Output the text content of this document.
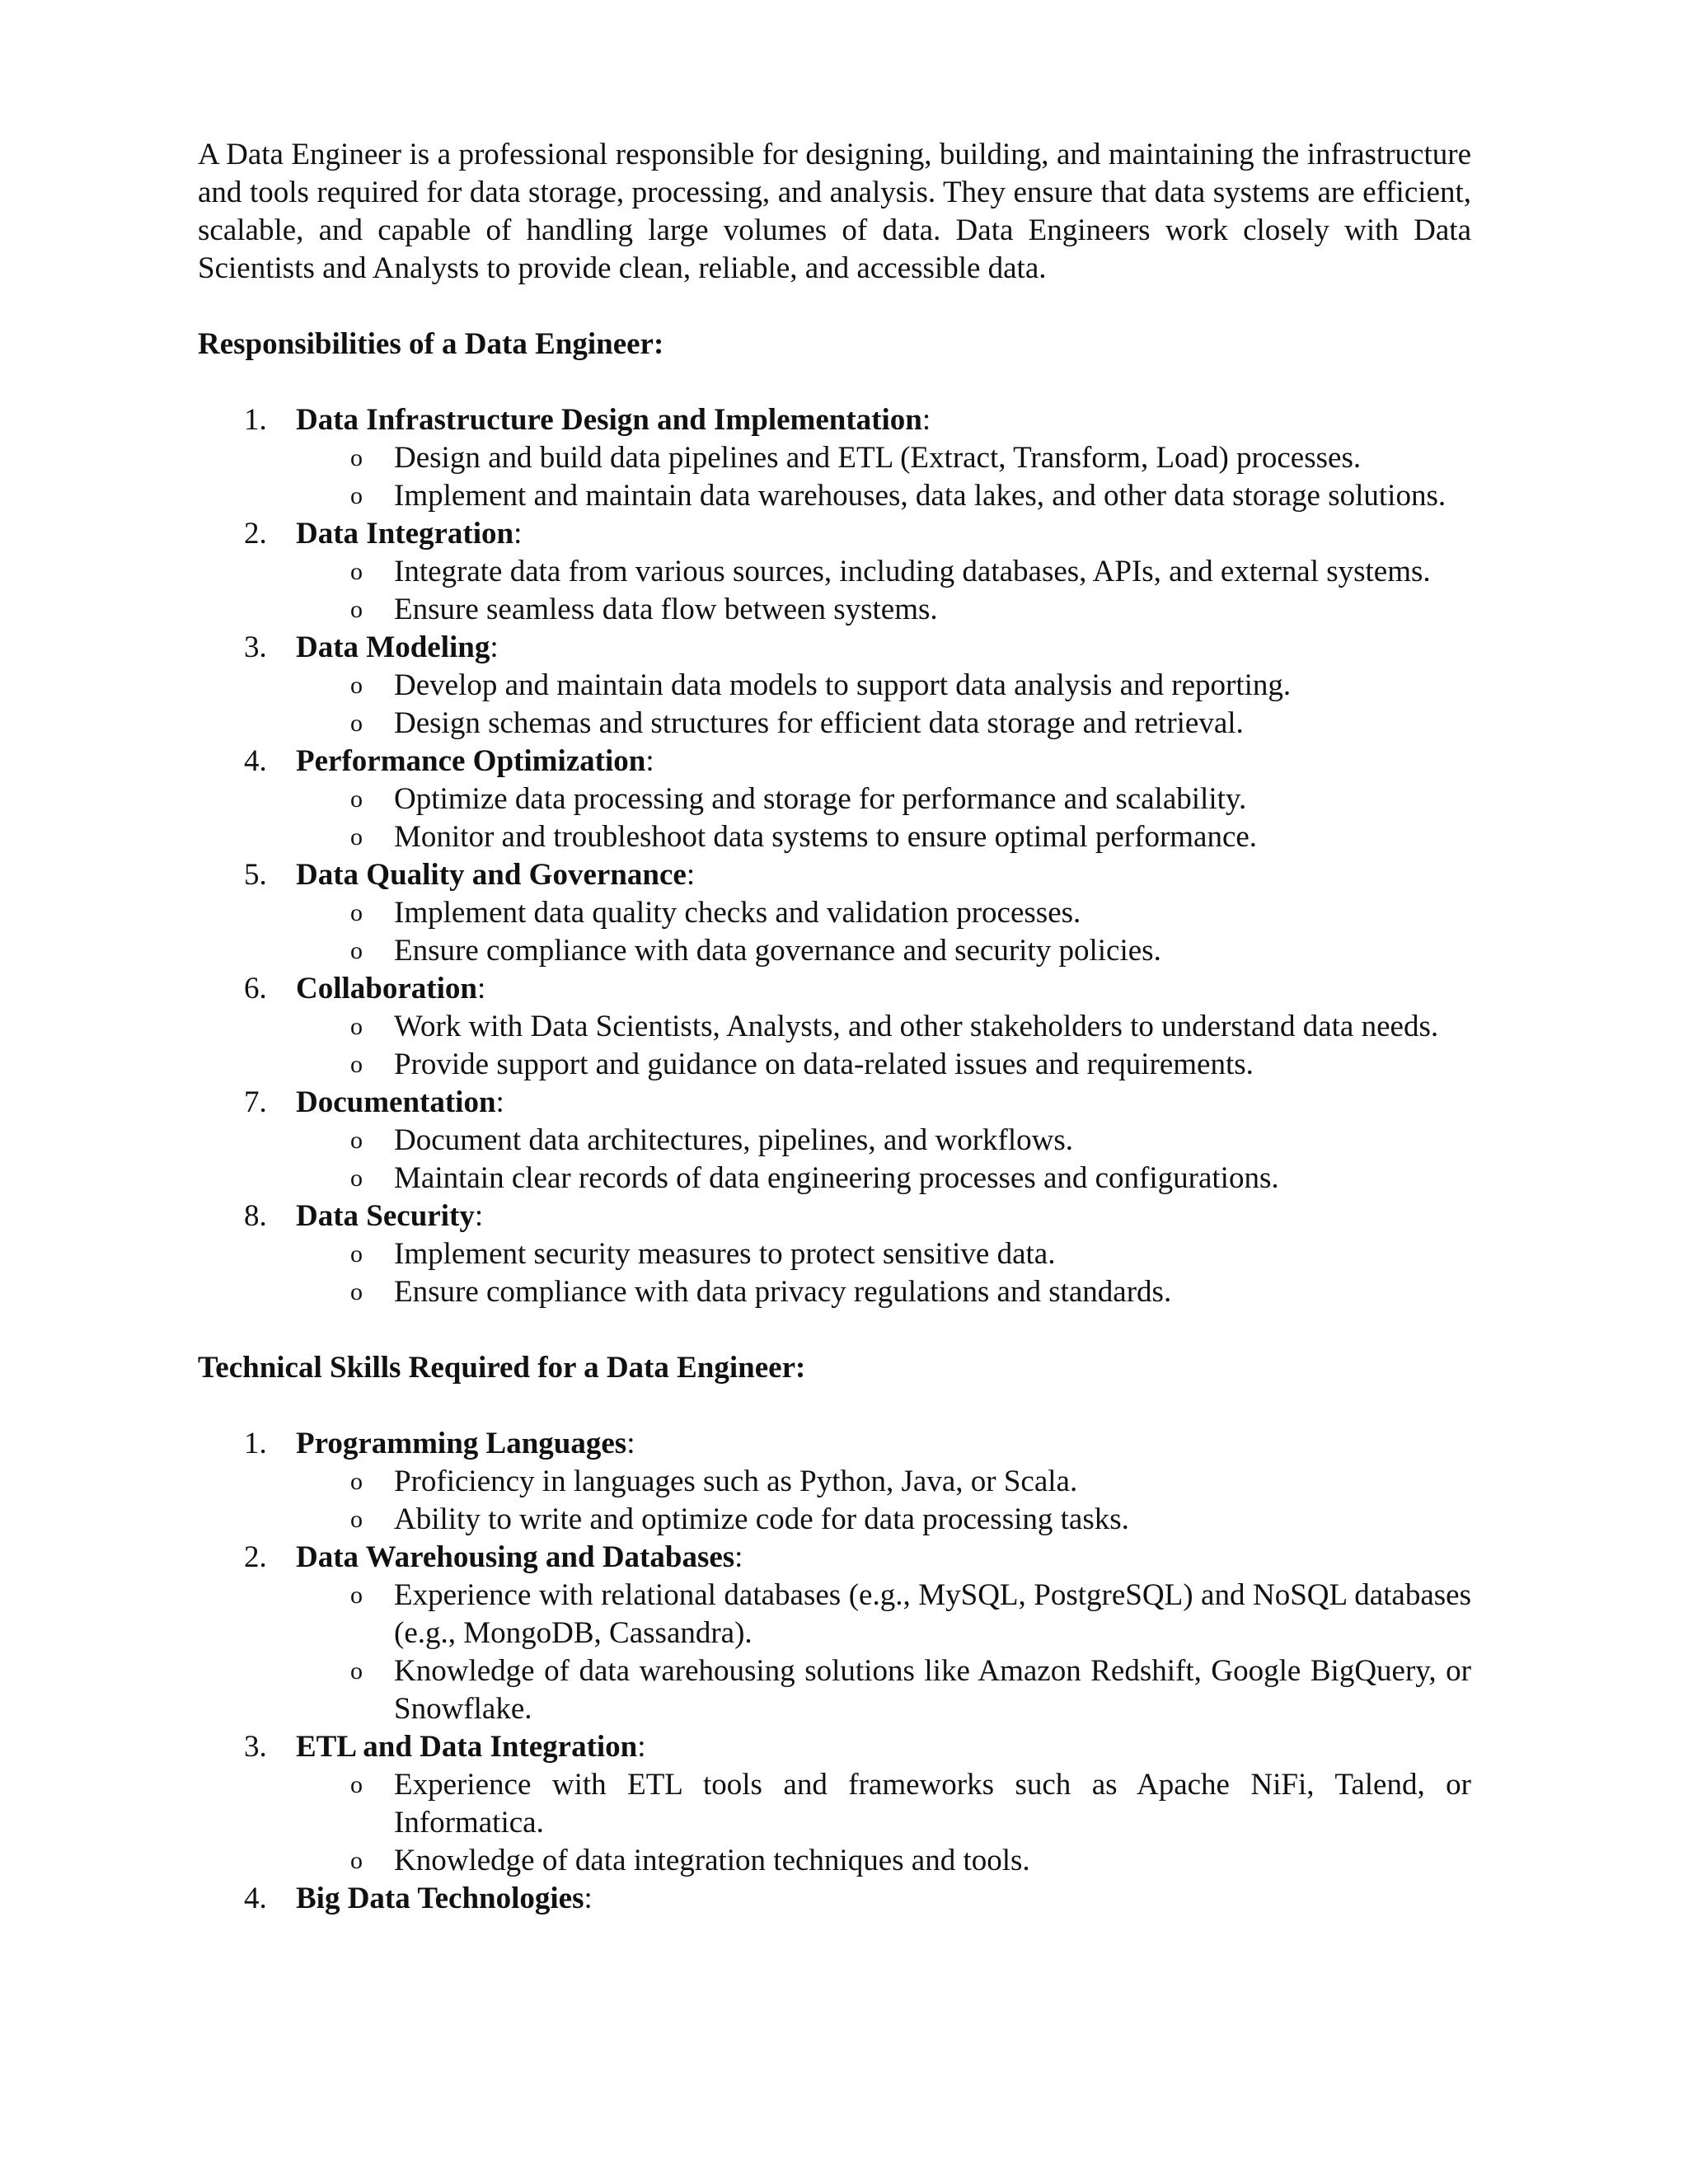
A Data Engineer is a professional responsible for designing, building, and maintaining the infrastructure and tools required for data storage, processing, and analysis. They ensure that data systems are efficient, scalable, and capable of handling large volumes of data. Data Engineers work closely with Data Scientists and Analysts to provide clean, reliable, and accessible data.

Responsibilities of a Data Engineer:
1. Data Infrastructure Design and Implementation:
o Design and build data pipelines and ETL (Extract, Transform, Load) processes.
o Implement and maintain data warehouses, data lakes, and other data storage solutions.
2. Data Integration:
o Integrate data from various sources, including databases, APIs, and external systems.
o Ensure seamless data flow between systems.
3. Data Modeling:
o Develop and maintain data models to support data analysis and reporting.
o Design schemas and structures for efficient data storage and retrieval.
4. Performance Optimization:
o Optimize data processing and storage for performance and scalability.
o Monitor and troubleshoot data systems to ensure optimal performance.
5. Data Quality and Governance:
o Implement data quality checks and validation processes.
o Ensure compliance with data governance and security policies.
6. Collaboration:
o Work with Data Scientists, Analysts, and other stakeholders to understand data needs.
o Provide support and guidance on data-related issues and requirements.
7. Documentation:
o Document data architectures, pipelines, and workflows.
o Maintain clear records of data engineering processes and configurations.
8. Data Security:
o Implement security measures to protect sensitive data.
o Ensure compliance with data privacy regulations and standards.
Technical Skills Required for a Data Engineer:
1. Programming Languages:
o Proficiency in languages such as Python, Java, or Scala.
o Ability to write and optimize code for data processing tasks.
2. Data Warehousing and Databases:
o Experience with relational databases (e.g., MySQL, PostgreSQL) and NoSQL databases (e.g., MongoDB, Cassandra).
o Knowledge of data warehousing solutions like Amazon Redshift, Google BigQuery, or Snowflake.
3. ETL and Data Integration:
o Experience with ETL tools and frameworks such as Apache NiFi, Talend, or Informatica.
o Knowledge of data integration techniques and tools.
4. Big Data Technologies:
